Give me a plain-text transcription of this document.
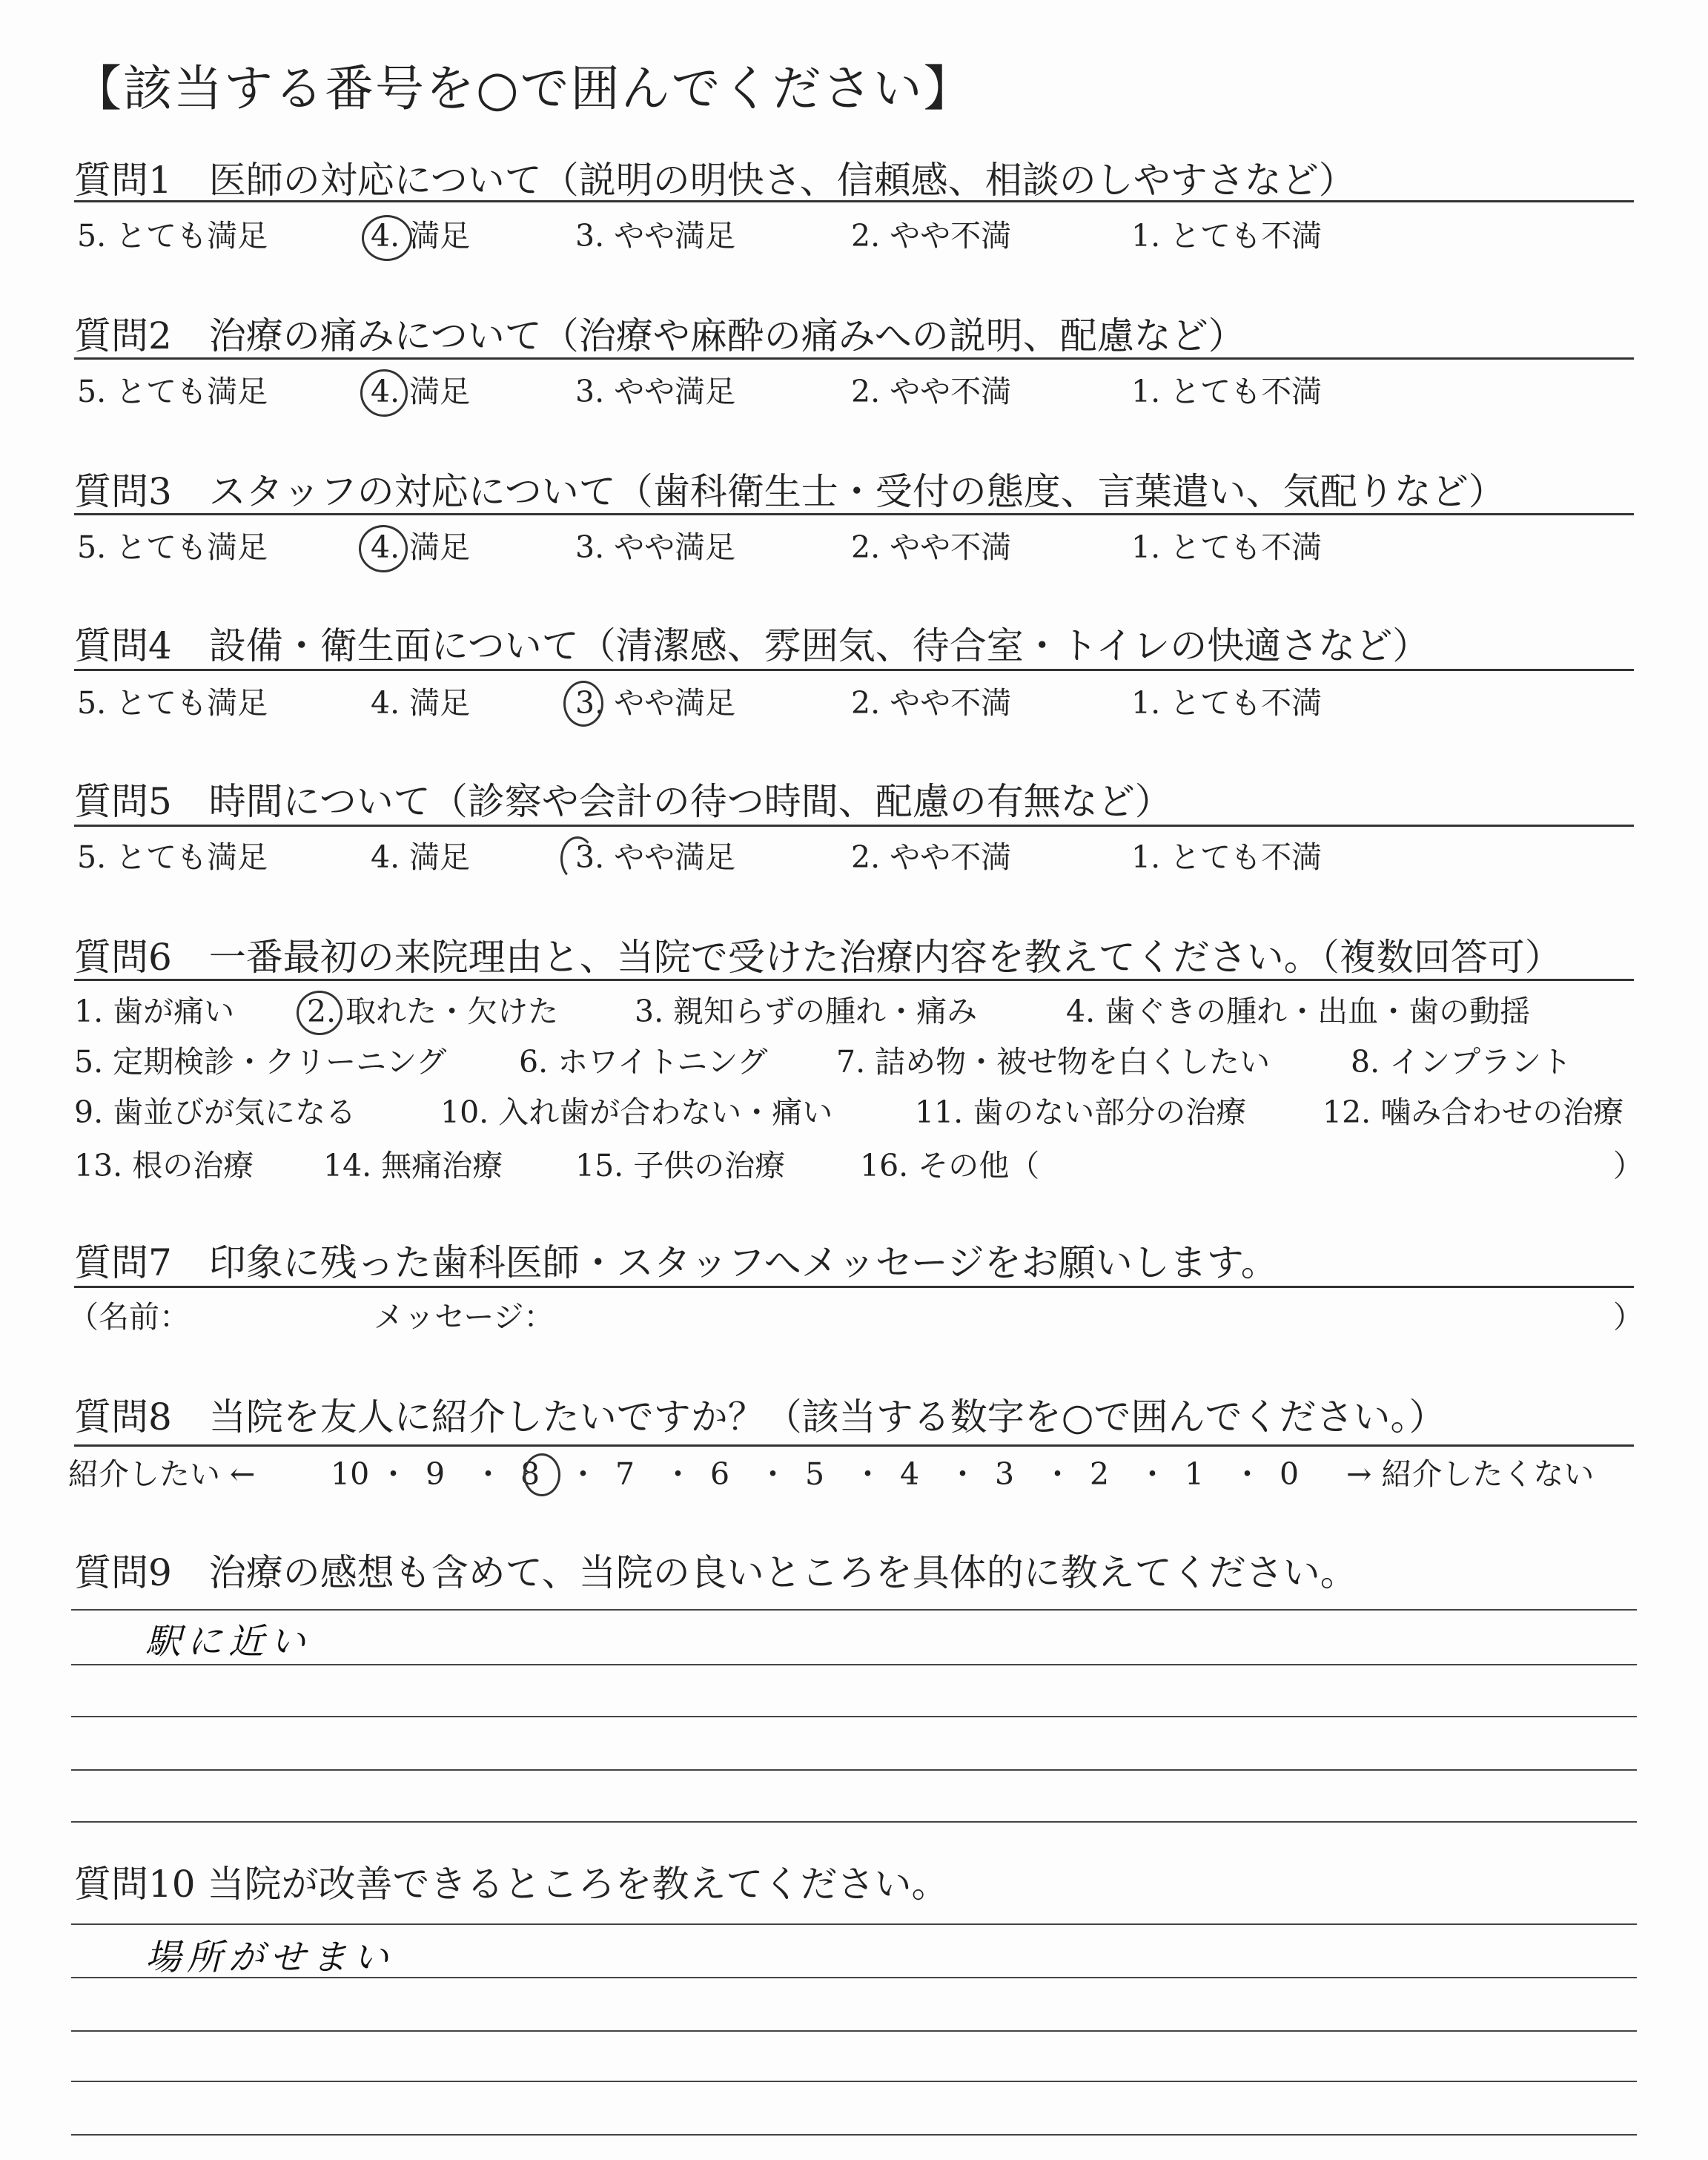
【該当する番号を○で囲んでください】
質問1　医師の対応について（説明の明快さ、信頼感、相談のしやすさなど）
5. とても満足	4. 満足	3. やや満足	2. やや不満	1. とても不満
質問2　治療の痛みについて（治療や麻酔の痛みへの説明、配慮など）
5. とても満足	4. 満足	3. やや満足	2. やや不満	1. とても不満
質問3　スタッフの対応について（歯科衛生士・受付の態度、言葉遣い、気配りなど）
5. とても満足	4. 満足	3. やや満足	2. やや不満	1. とても不満
質問4　設備・衛生面について（清潔感、雰囲気、待合室・トイレの快適さなど）
5. とても満足	4. 満足	3. やや満足	2. やや不満	1. とても不満
質問5　時間について（診察や会計の待つ時間、配慮の有無など）
5. とても満足	4. 満足	3. やや満足	2. やや不満	1. とても不満
質問6　一番最初の来院理由と、当院で受けた治療内容を教えてください。（複数回答可）
1. 歯が痛い 2. 取れた・欠けた	3. 親知らずの腫れ・痛み	4. 歯ぐきの腫れ・出血・歯の動揺
5. 定期検診・クリーニング 6. ホワイトニング 7. 詰め物・被せ物を白くしたい	8. インプラント
9. 歯並びが気になる	10. 入れ歯が合わない・痛い	11. 歯のない部分の治療	12. 噛み合わせの治療
13. 根の治療 14. 無痛治療 15. 子供の治療 16. その他（	）
質問7　印象に残った歯科医師・スタッフへメッセージをお願いします。
（名前：	メッセージ：	）
質問8　当院を友人に紹介したいですか？（該当する数字を○で囲んでください。）
紹介したい ← 10 ・ 9 ・ 8 ・ 7 ・ 6 ・ 5 ・ 4 ・ 3 ・ 2 ・ 1 ・ 0 → 紹介したくない
質問9　治療の感想も含めて、当院の良いところを具体的に教えてください。
駅に近い
質問10 当院が改善できるところを教えてください。
場所がせまい
